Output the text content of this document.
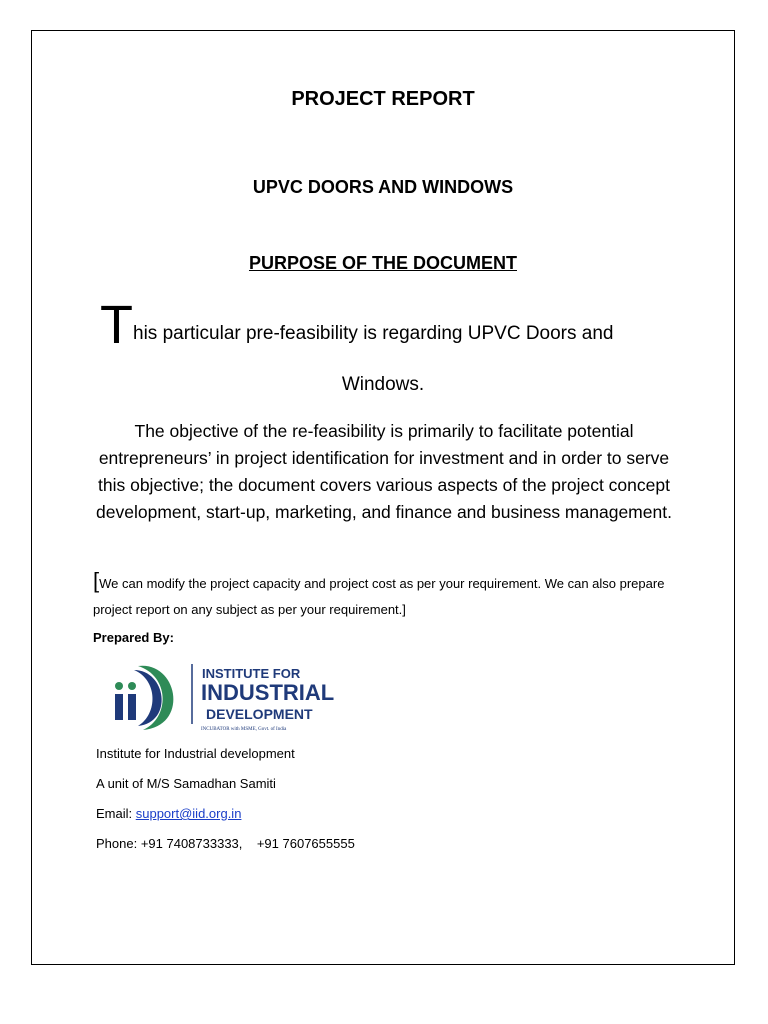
PROJECT REPORT
UPVC DOORS AND WINDOWS
PURPOSE OF THE DOCUMENT
This particular pre-feasibility is regarding UPVC Doors and
Windows.
The objective of the re-feasibility is primarily to facilitate potential entrepreneurs’ in project identification for investment and in order to serve this objective; the document covers various aspects of the project concept development, start-up, marketing, and finance and business management.
[We can modify the project capacity and project cost as per your requirement. We can also prepare project report on any subject as per your requirement.]
Prepared By:
INSTITUTE FOR
INDUSTRIAL
DEVELOPMENT
INCUBATOR with MSME, Govt. of India
Institute for Industrial development
A unit of M/S Samadhan Samiti
Email: support@iid.org.in
Phone: +91 7408733333,    +91 7607655555
